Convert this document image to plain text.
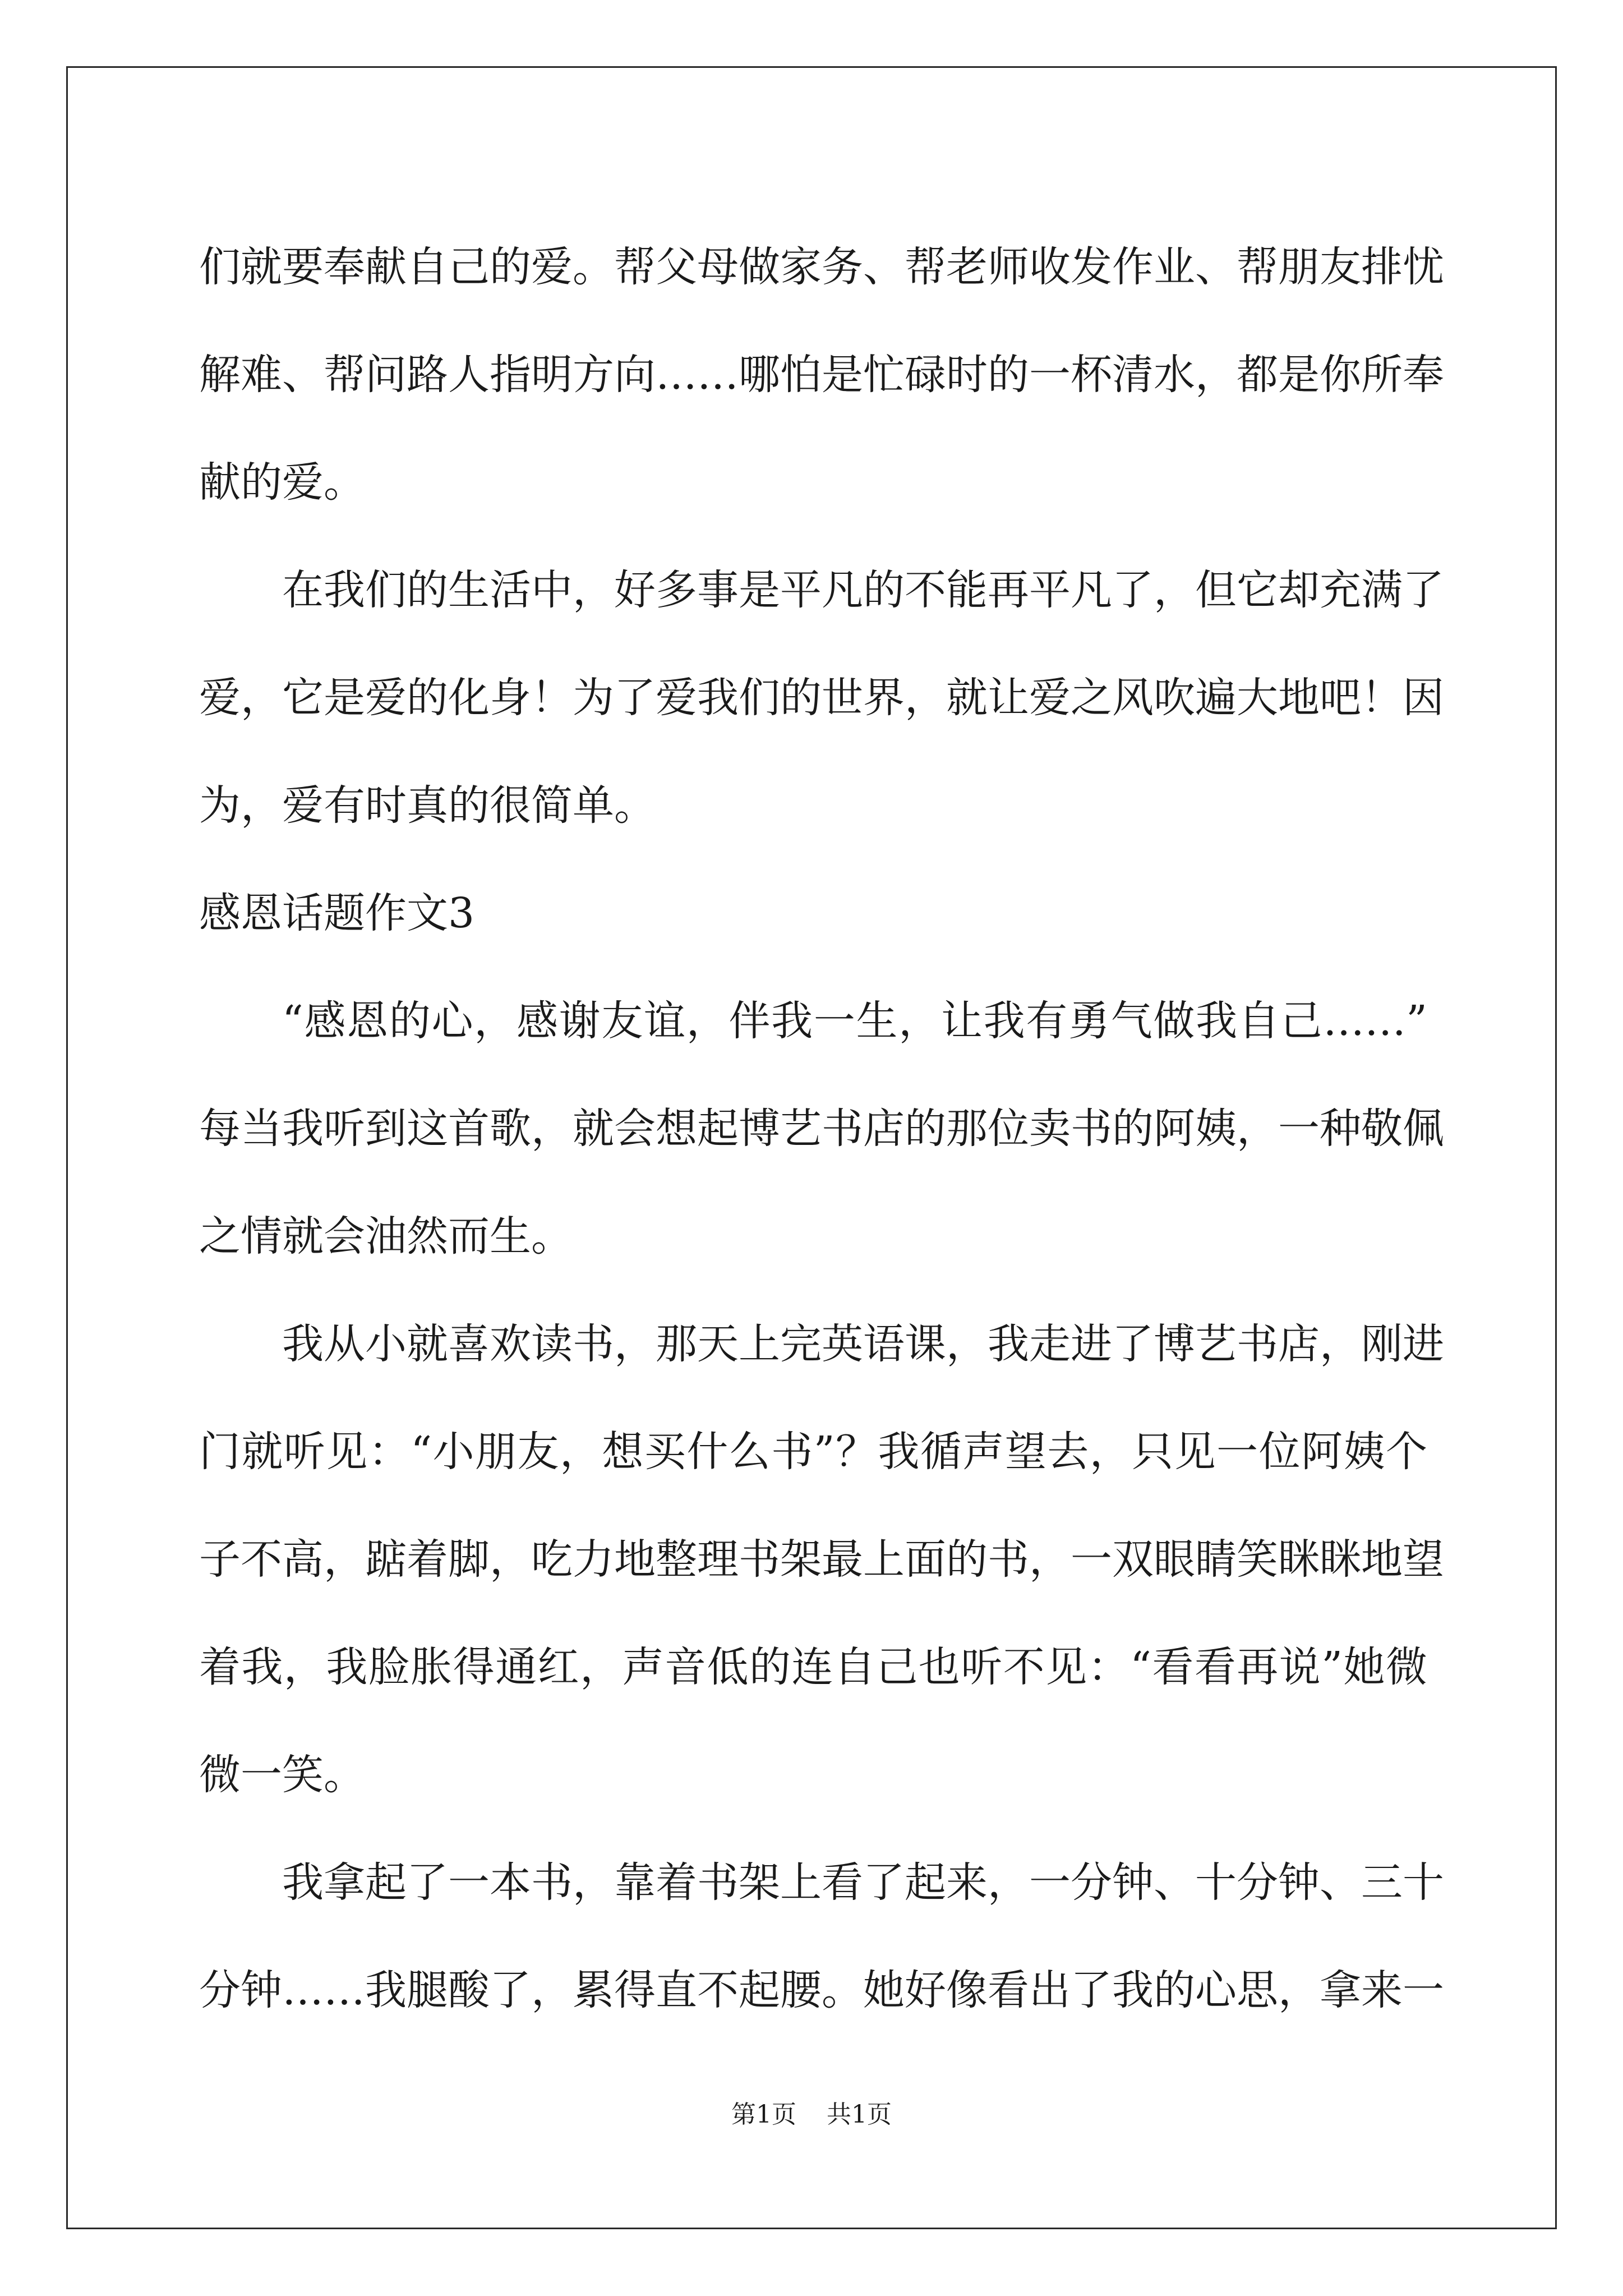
们就要奉献自己的爱。帮父母做家务、帮老师收发作业、帮朋友排忧
解难、帮问路人指明方向……哪怕是忙碌时的一杯清水，都是你所奉
献的爱。
在我们的生活中，好多事是平凡的不能再平凡了，但它却充满了
爱，它是爱的化身！为了爱我们的世界，就让爱之风吹遍大地吧！因
为，爱有时真的很简单。
感恩话题作文3
“感恩的心，感谢友谊，伴我一生，让我有勇气做我自己……”
每当我听到这首歌，就会想起博艺书店的那位卖书的阿姨，一种敬佩
之情就会油然而生。
我从小就喜欢读书，那天上完英语课，我走进了博艺书店，刚进
门就听见：“小朋友，想买什么书”？我循声望去，只见一位阿姨个
子不高，踮着脚，吃力地整理书架最上面的书，一双眼睛笑眯眯地望
着我，我脸胀得通红，声音低的连自己也听不见：“看看再说”她微
微一笑。
我拿起了一本书，靠着书架上看了起来，一分钟、十分钟、三十
分钟……我腿酸了，累得直不起腰。她好像看出了我的心思，拿来一
第1页 共1页
